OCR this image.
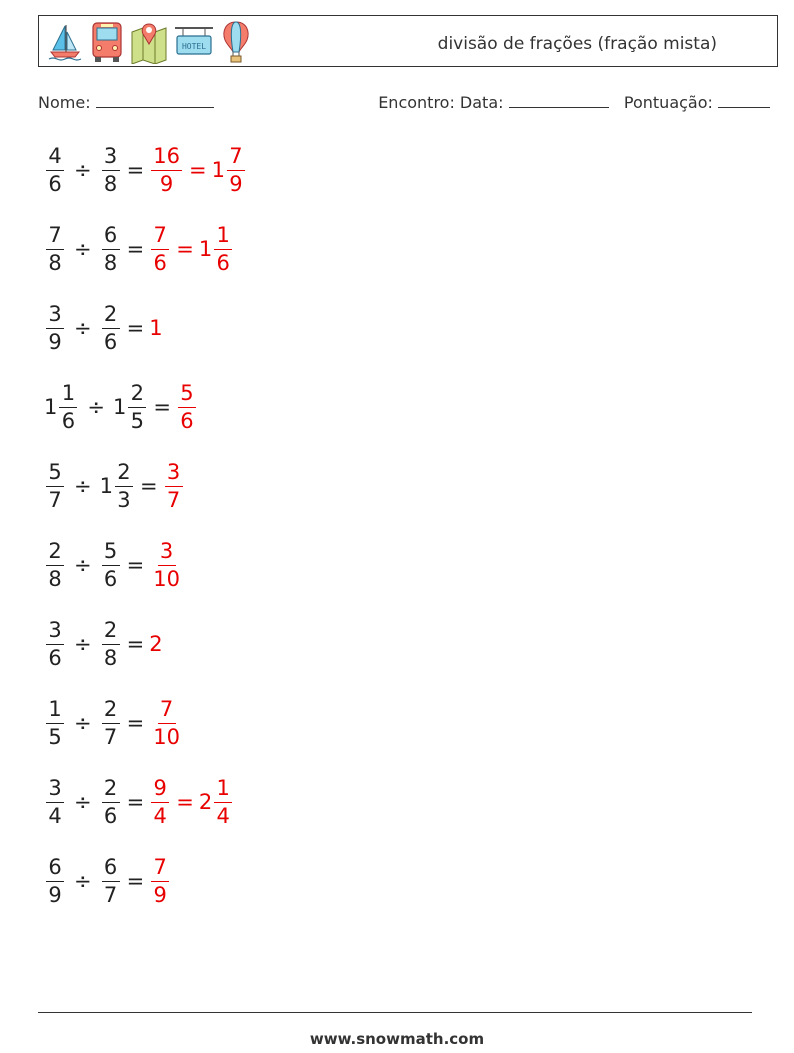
HOTEL	divisão de frações (fração mista)
Nome:	Encontro: Data:	Pontuação:
$\frac{4}{6} \div \frac{3}{8} = \frac{16}{9} = 1 \frac{7}{9}$
$\frac{7}{8} \div \frac{6}{8} = \frac{7}{6} = 1 \frac{1}{6}$
$\frac{3}{9} \div \frac{2}{6} = 1$
$1 \frac{1}{6} \div 1 \frac{2}{5} = \frac{5}{6}$
$\frac{5}{7} \div 1 \frac{2}{3} = \frac{3}{7}$
$\frac{2}{8} \div \frac{5}{6} = \frac{3}{10}$
$\frac{3}{6} \div \frac{2}{8} = 2$
$\frac{1}{5} \div \frac{2}{7} = \frac{7}{10}$
$\frac{3}{4} \div \frac{2}{6} = \frac{9}{4} = 2 \frac{1}{4}$
$\frac{6}{9} \div \frac{6}{7} = \frac{7}{9}$
www.snowmath.com
